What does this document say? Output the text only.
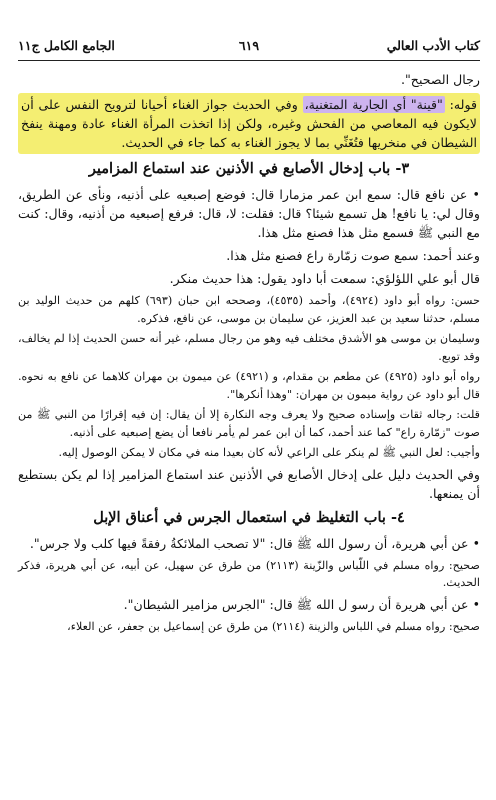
كتاب الأدب العالي
٦١٩
الجامع الكامل ج١١

رجال الصحيح".

قوله: "قينة" أي الجارية المتغنية، وفي الحديث جواز الغناء أحيانا لترويح النفس على أن لايكون فيه المعاصي من الفحش وغيره، ولكن إذا اتخذت المرأة الغناء عادة ومهنة ينفخ الشيطان في منخريها فتُغَنِّي بما لا يجوز الغناء به كما جاء في الحديث.

٣- باب إدخال الأصابع في الأذنين عند استماع المزامير

• عن نافع قال: سمع ابن عمر مزمارا قال: فوضع إصبعيه على أذنيه، ونأى عن الطريق، وقال لي: يا نافع! هل تسمع شيئا؟ قال: فقلت: لا، قال: فرفع إصبعيه من أذنيه، وقال: كنت مع النبي ﷺ فسمع مثل هذا فصنع مثل هذا.

وعند أحمد: سمع صوت زمّارة راع فصنع مثل هذا.

قال أبو علي اللؤلؤي: سمعت أبا داود يقول: هذا حديث منكر.

حسن: رواه أبو داود (٤٩٢٤)، وأحمد (٤٥٣٥)، وصححه ابن حبان (٦٩٣) كلهم من حديث الوليد بن مسلم، حدثنا سعيد بن عبد العزيز، عن سليمان بن موسى، عن نافع، فذكره.

وسليمان بن موسى هو الأشدق مختلف فيه وهو من رجال مسلم، غير أنه حسن الحديث إذا لم يخالف، وقد توبع.

رواه أبو داود (٤٩٢٥) عن مطعم بن مقدام، و (٤٩٢١) عن ميمون بن مهران كلاهما عن نافع به نحوه. قال أبو داود عن رواية ميمون بن مهران: "وهذا أنكرها".

قلت: رجاله ثقات وإسناده صحيح ولا يعرف وجه النكارة إلا أن يقال: إن فيه إقرارًا من النبي ﷺ من صوت "زمّارة راع" كما عند أحمد، كما أن ابن عمر لم يأمر نافعا أن يضع إصبعيه على أذنيه.

وأجيب: لعل النبي ﷺ لم ينكر على الراعي لأنه كان بعيدا منه في مكان لا يمكن الوصول إليه.

وفي الحديث دليل على إدخال الأصابع في الأذنين عند استماع المزامير إذا لم يكن بستطيع أن يمنعها.

٤- باب التغليظ في استعمال الجرس في أعناق الإبل

• عن أبي هريرة، أن رسول الله ﷺ قال: "لا تصحب الملائكةُ رفقةً فيها كلب ولا جرس".

صحيح: رواه مسلم في اللّباس والزّينة (٢١١٣) من طرق عن سهيل، عن أبيه، عن أبي هريرة، فذكر الحديث.

• عن أبي هريرة أن رسو ل الله ﷺ قال: "الجرس مزامير الشيطان".

صحيح: رواه مسلم في اللباس والزينة (٢١١٤) من طرق عن إسماعيل بن جعفر، عن العلاء،
